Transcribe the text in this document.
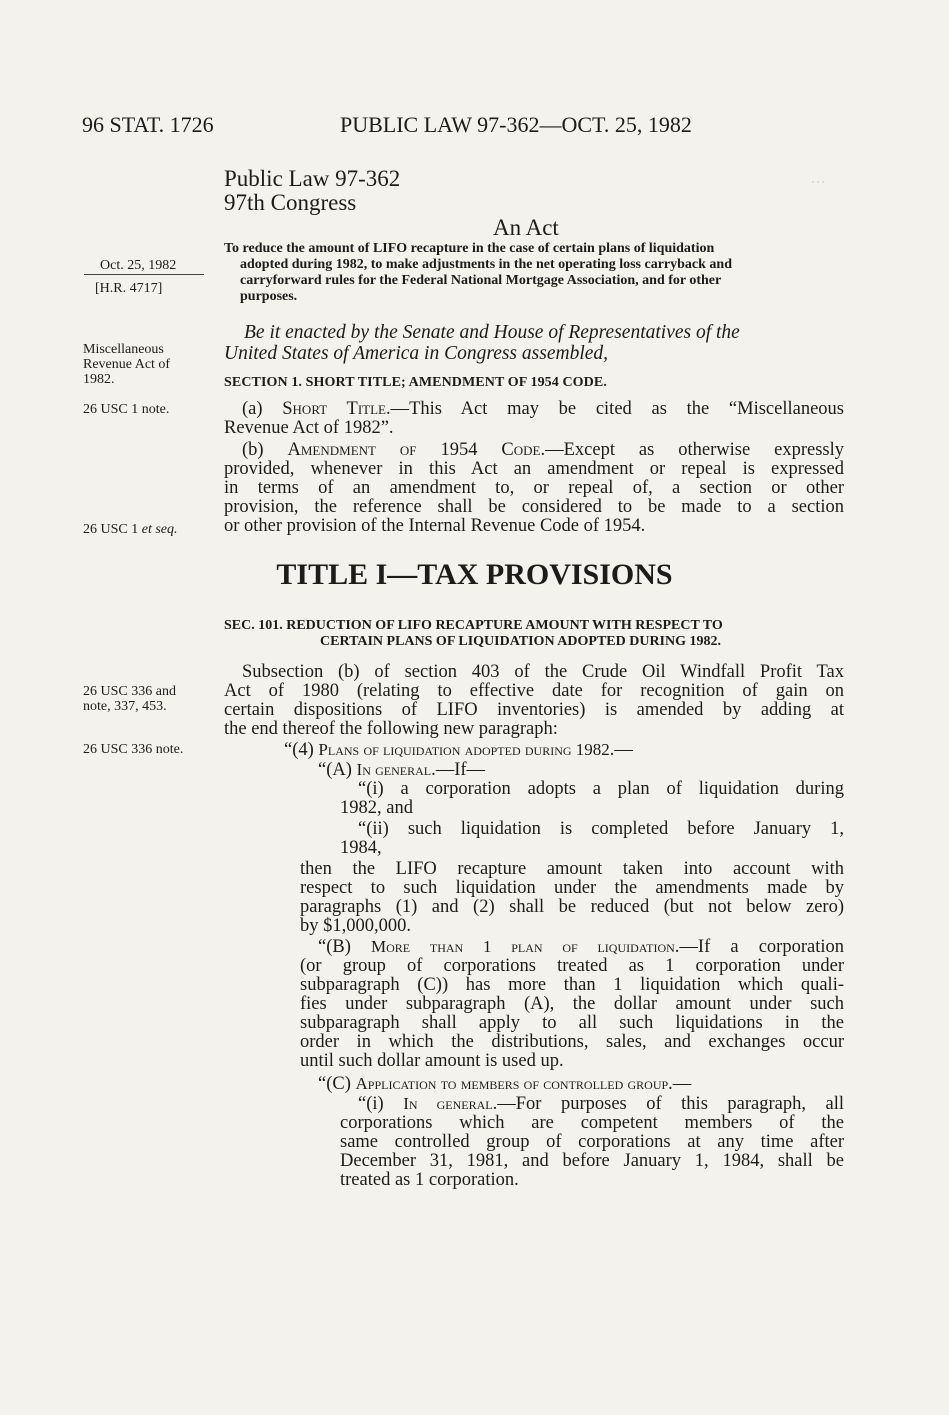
96 STAT. 1726	PUBLIC LAW 97-362—OCT. 25, 1982
⋯
Public Law 97-362
97th Congress
An Act
To reduce the amount of LIFO recapture in the case of certain plans of liquidation
adopted during 1982, to make adjustments in the net operating loss carryback and
carryforward rules for the Federal National Mortgage Association, and for other
purposes.
Oct. 25, 1982
[H.R. 4717]
Be it enacted by the Senate and House of Representatives of the
United States of America in Congress assembled,
Miscellaneous
Revenue Act of
1982.	SECTION 1. SHORT TITLE; AMENDMENT OF 1954 CODE.
26 USC 1 note.	(a) Short Title.—This Act may be cited as the “Miscellaneous
Revenue Act of 1982”.
(b) Amendment of 1954 Code.—Except as otherwise expressly
provided, whenever in this Act an amendment or repeal is expressed
in terms of an amendment to, or repeal of, a section or other
provision, the reference shall be considered to be made to a section
or other provision of the Internal Revenue Code of 1954.
26 USC 1 et seq.
TITLE I—TAX PROVISIONS
SEC. 101. REDUCTION OF LIFO RECAPTURE AMOUNT WITH RESPECT TO
CERTAIN PLANS OF LIQUIDATION ADOPTED DURING 1982.
26 USC 336 and
note, 337, 453.
Subsection (b) of section 403 of the Crude Oil Windfall Profit Tax
Act of 1980 (relating to effective date for recognition of gain on
certain dispositions of LIFO inventories) is amended by adding at
the end thereof the following new paragraph:
26 USC 336 note.	“(4) Plans of liquidation adopted during 1982.—
“(A) In general.—If—
“(i) a corporation adopts a plan of liquidation during
1982, and
“(ii) such liquidation is completed before January 1,
1984,
then the LIFO recapture amount taken into account with
respect to such liquidation under the amendments made by
paragraphs (1) and (2) shall be reduced (but not below zero)
by $1,000,000.
“(B) More than 1 plan of liquidation.—If a corporation
(or group of corporations treated as 1 corporation under
subparagraph (C)) has more than 1 liquidation which quali-
fies under subparagraph (A), the dollar amount under such
subparagraph shall apply to all such liquidations in the
order in which the distributions, sales, and exchanges occur
until such dollar amount is used up.
“(C) Application to members of controlled group.—
“(i) In general.—For purposes of this paragraph, all
corporations which are competent members of the
same controlled group of corporations at any time after
December 31, 1981, and before January 1, 1984, shall be
treated as 1 corporation.
